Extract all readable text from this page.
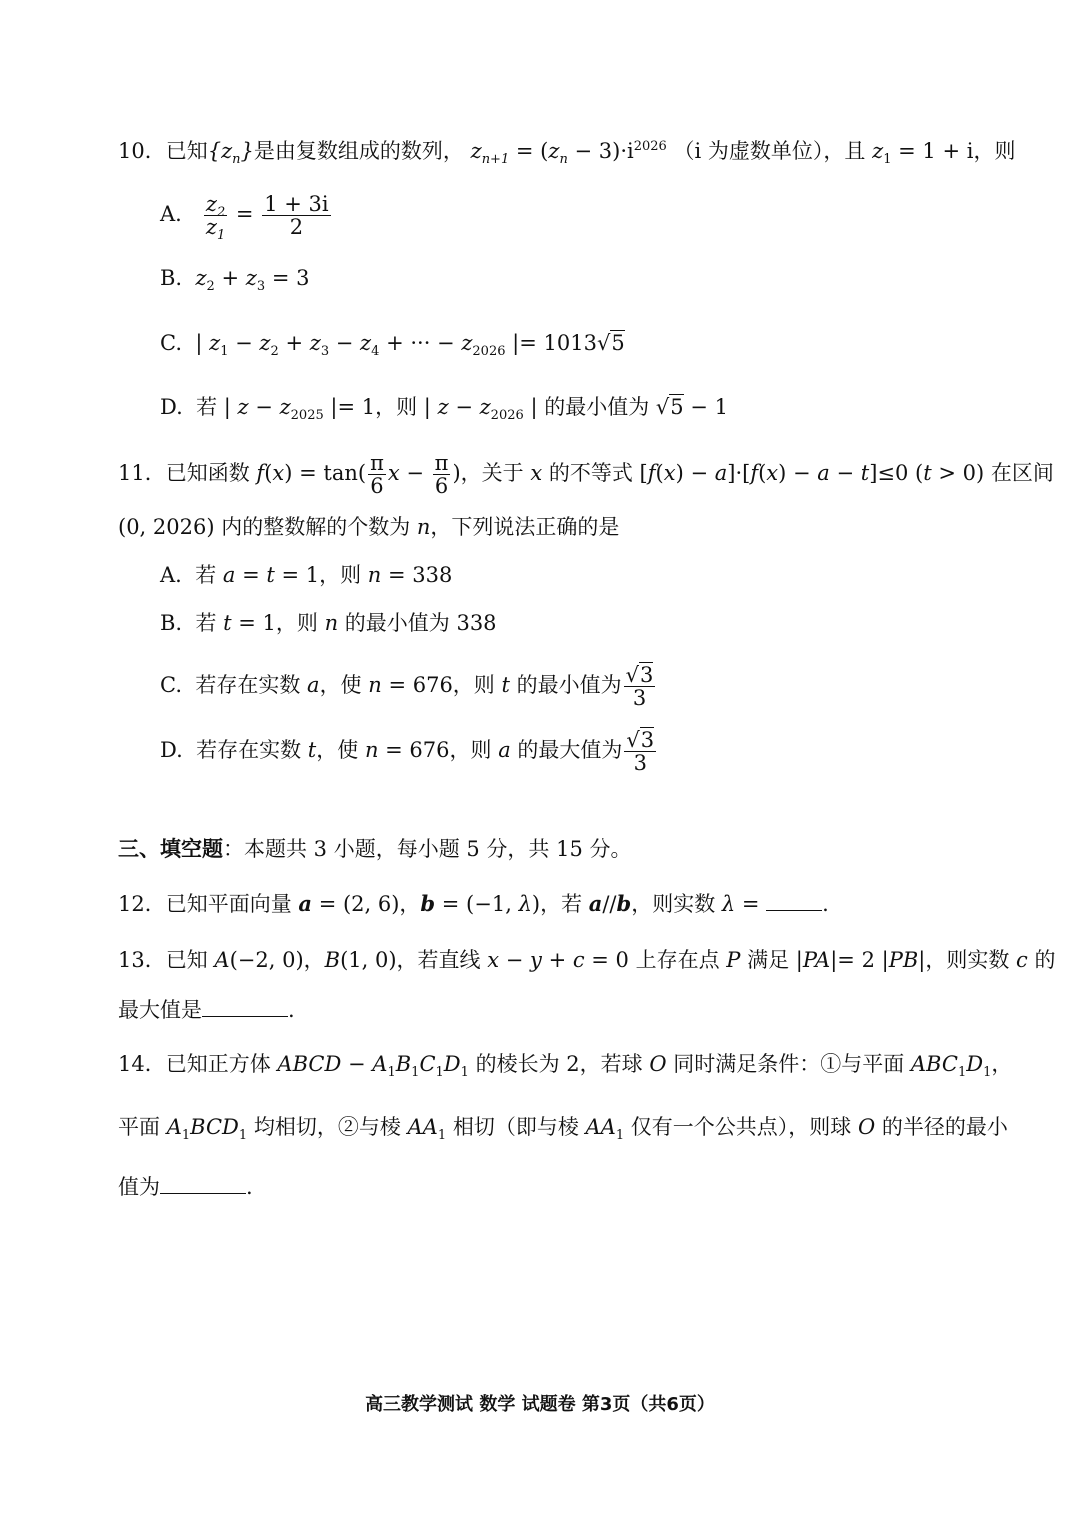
10．已知$\{z_n\}$是由复数组成的数列， $z_{n+1} = (z_n - 3)\cdot i^{2026}$ （i 为虚数单位），且 $z_1 = 1 + i$，则
A. $\frac{z_2}{z_1} = \frac{1 + 3i}{2}$
B.  $z_2 + z_3 = 3$
C.  | $z_1 - z_2 + z_3 - z_4$ + ··· − $z_{2026}$ |= 1013√5
D.  若 | $z - z_{2025}$ |= 1，则 | $z - z_{2026}$ | 的最小值为 √5 − 1
11．已知函数 $f(x) = \tan( \frac{\pi}{6}$ $x - \frac{\pi}{6}$ )，关于 x 的不等式 [f(x) − a]·[f(x) − a − t]≤0 (t > 0) 在区间
(0, 2026) 内的整数解的个数为 n，下列说法正确的是
A.  若 a = t = 1，则 n = 338
B.  若 t = 1，则 n 的最小值为 338
C.  若存在实数 a，使 n = 676，则 t 的最小值为 $\frac{√3}{3}$
D.  若存在实数 t，使 n = 676，则 a 的最大值为 $\frac{√3}{3}$
三、填空题：本题共 3 小题，每小题 5 分，共 15 分。
12．已知平面向量 a = (2, 6)，b = (−1, λ)，若 a//b，则实数 λ =	.
13．已知 A(−2, 0)，B(1, 0)，若直线 x − y + c = 0 上存在点 P 满足 |PA|= 2 |PB|，则实数 c 的
最大值是	.
14．已知正方体 ABCD − $A_1B_1C_1D_1$ 的棱长为 2，若球 O 同时满足条件：①与平面 $ABC_1D_1$，
平面 $A_1BCD_1$ 均相切，②与棱 $AA_1$ 相切（即与棱 $AA_1$ 仅有一个公共点），则球 O 的半径的最小
值为	.
高三教学测试 数学 试题卷 第3页（共6页）
